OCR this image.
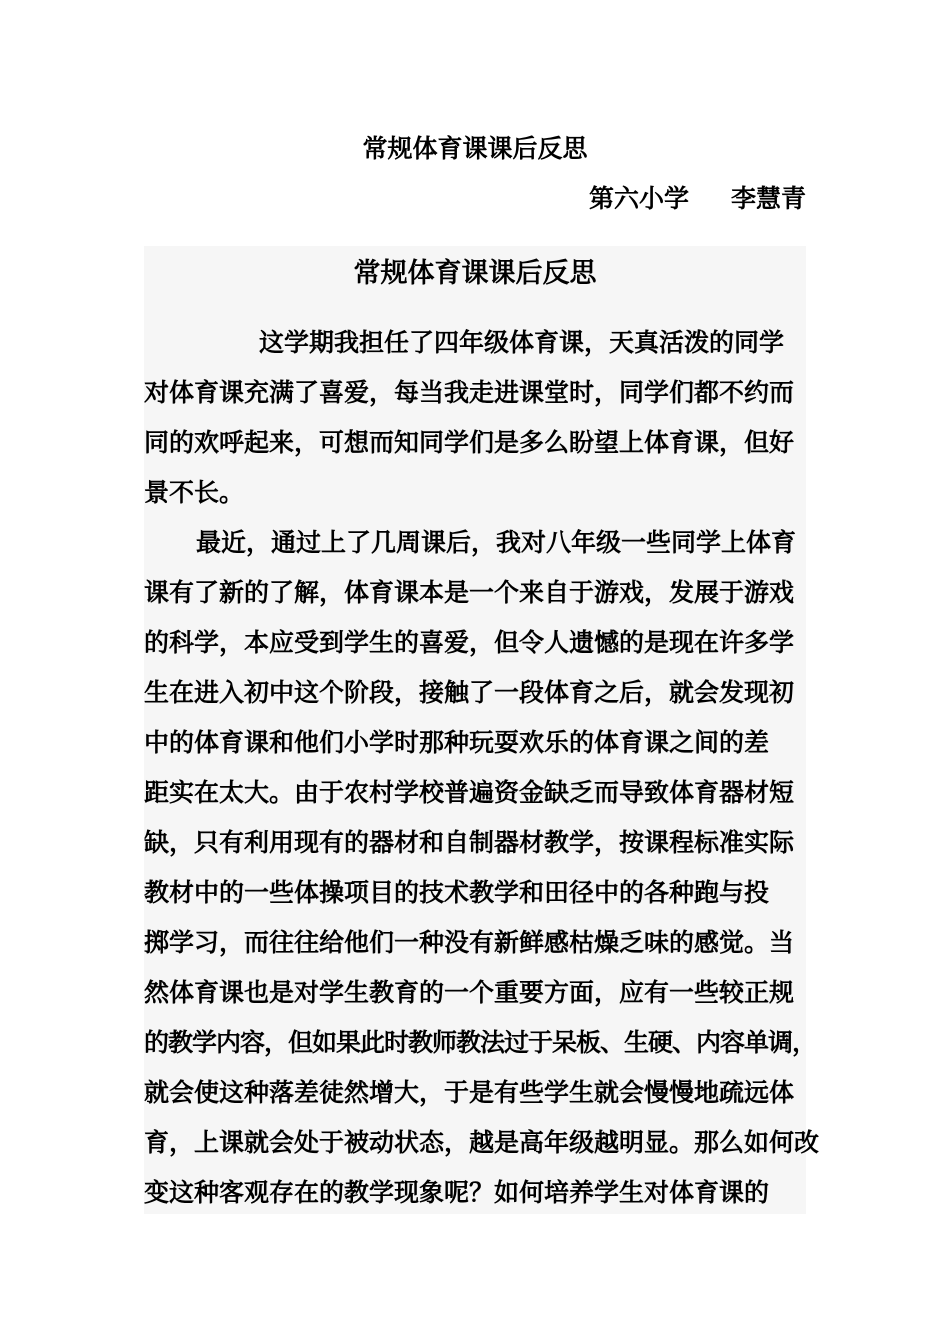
常规体育课课后反思
第六小学 李慧青
常规体育课课后反思
这学期我担任了四年级体育课，天真活泼的同学
对体育课充满了喜爱，每当我走进课堂时，同学们都不约而
同的欢呼起来，可想而知同学们是多么盼望上体育课，但好
景不长。
最近，通过上了几周课后，我对八年级一些同学上体育
课有了新的了解，体育课本是一个来自于游戏，发展于游戏
的科学，本应受到学生的喜爱，但令人遗憾的是现在许多学
生在进入初中这个阶段，接触了一段体育之后，就会发现初
中的体育课和他们小学时那种玩耍欢乐的体育课之间的差
距实在太大。由于农村学校普遍资金缺乏而导致体育器材短
缺，只有利用现有的器材和自制器材教学，按课程标准实际
教材中的一些体操项目的技术教学和田径中的各种跑与投
掷学习，而往往给他们一种没有新鲜感枯燥乏味的感觉。当
然体育课也是对学生教育的一个重要方面，应有一些较正规
的教学内容，但如果此时教师教法过于呆板、生硬、内容单调，
就会使这种落差徒然增大，于是有些学生就会慢慢地疏远体
育，上课就会处于被动状态，越是高年级越明显。那么如何改
变这种客观存在的教学现象呢？如何培养学生对体育课的
